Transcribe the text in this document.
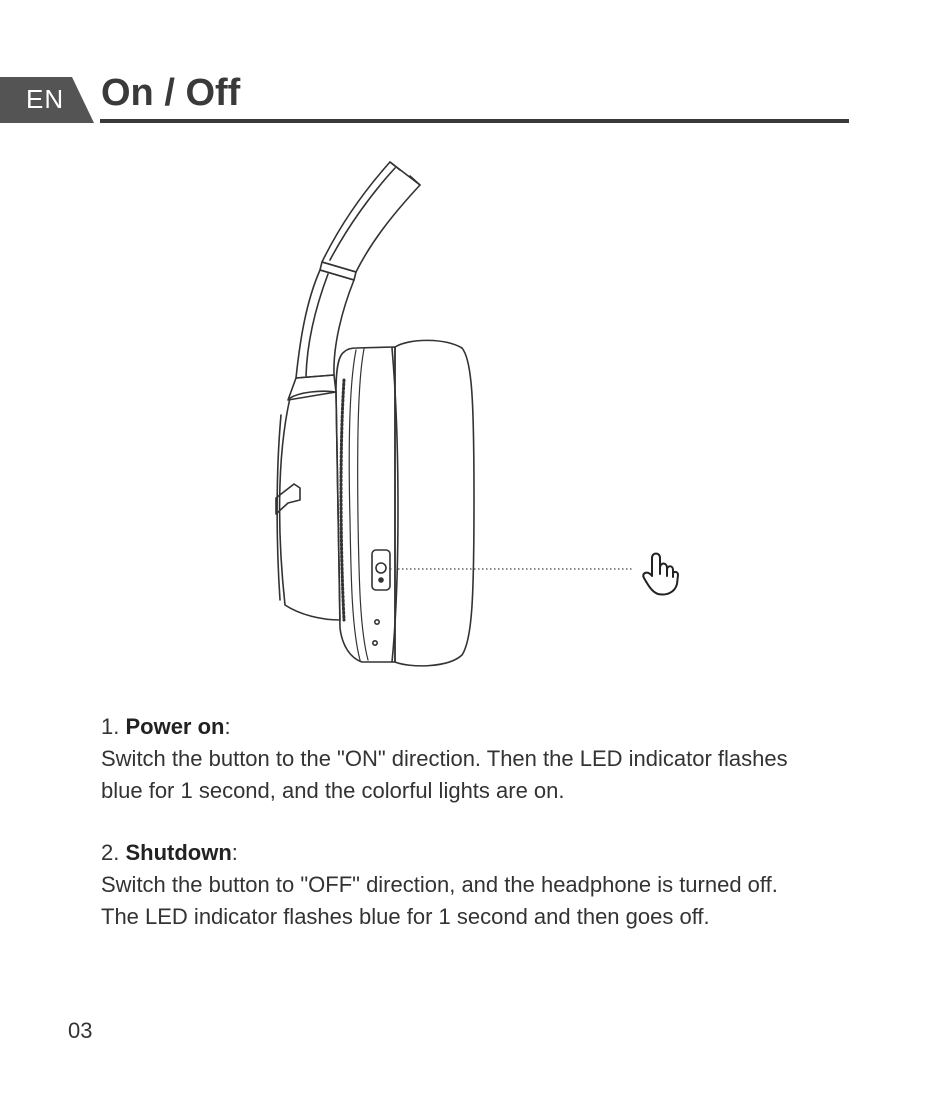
EN On / Off

1. Power on:

Switch the button to the "ON" direction. Then the LED indicator flashes

blue for 1 second, and the colorful lights are on.

2. Shutdown:

Switch the button to "OFF" direction, and the headphone is turned off.

The LED indicator flashes blue for 1 second and then goes off.

03
